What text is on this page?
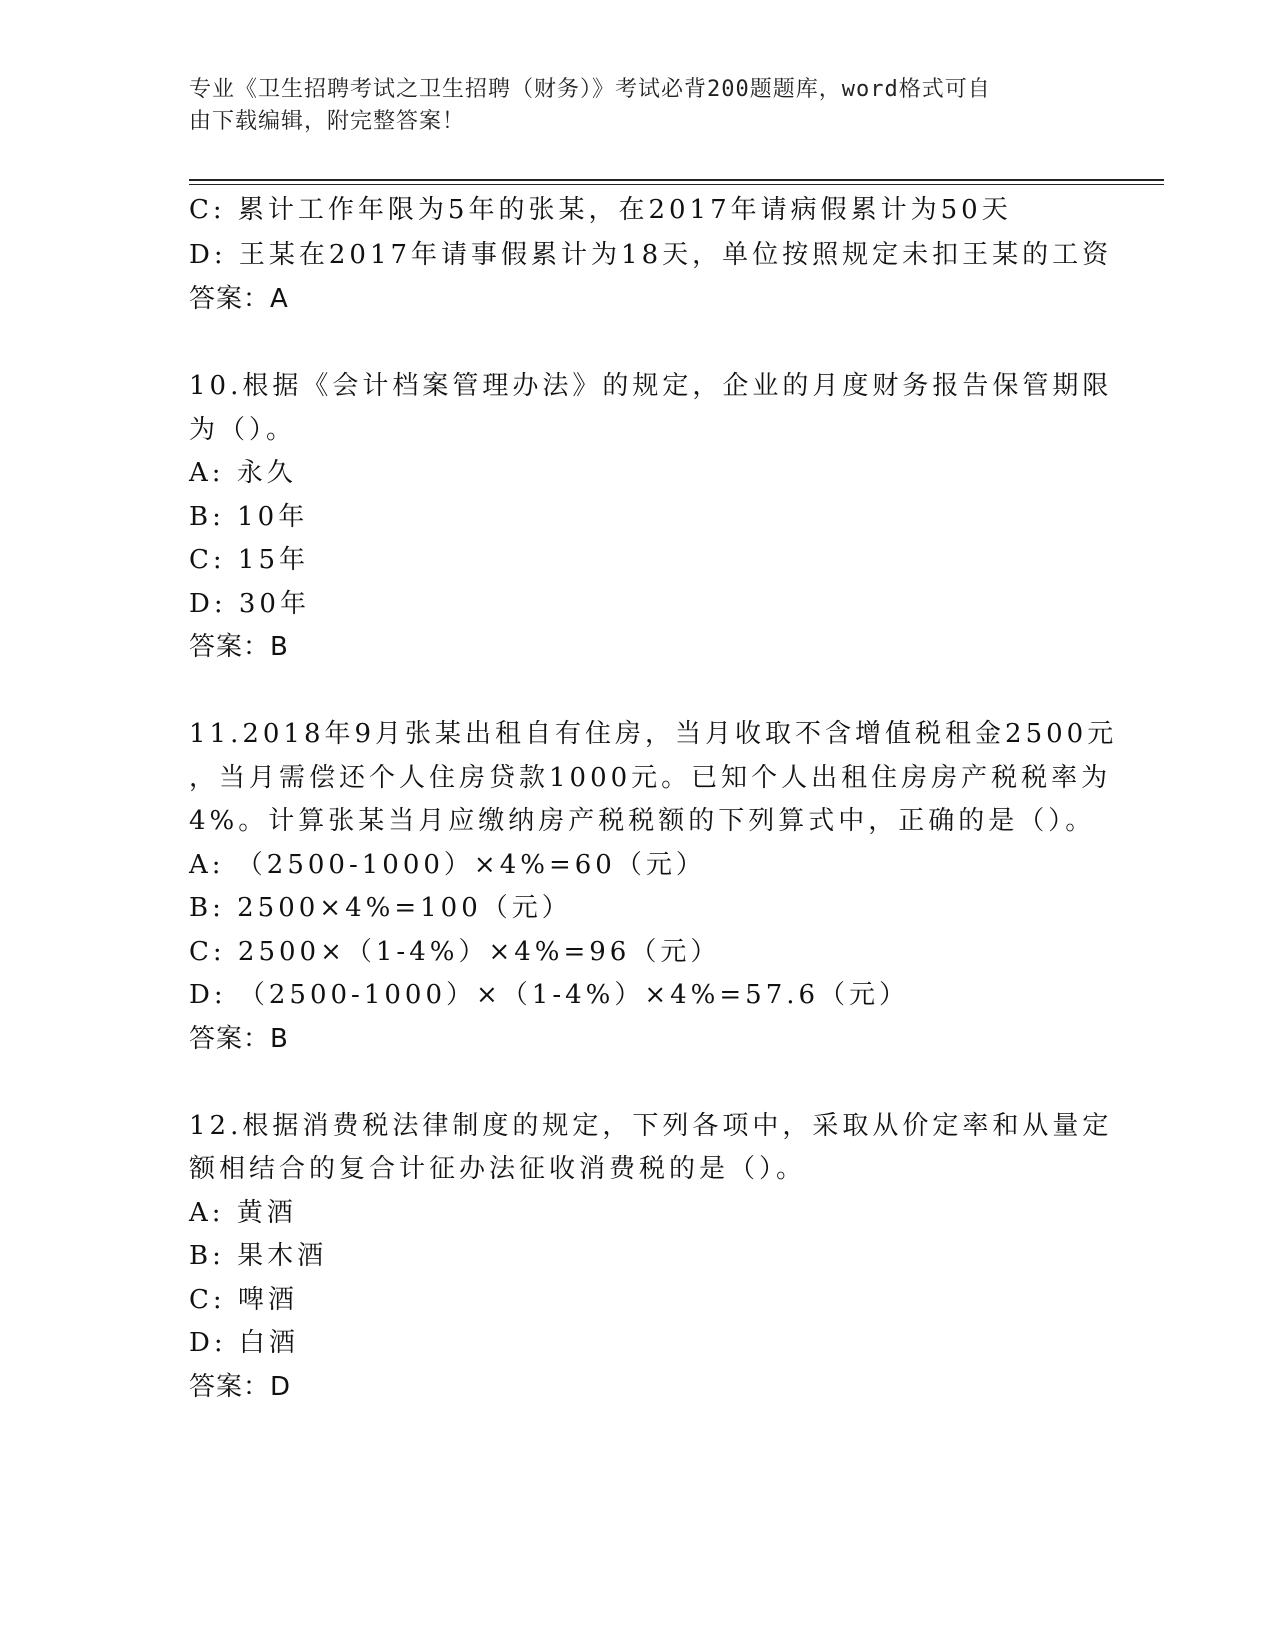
专业《卫生招聘考试之卫生招聘（财务）》考试必背200题题库，word格式可自
由下载编辑，附完整答案！
C: 累计工作年限为5年的张某，在2017年请病假累计为50天
D: 王某在2017年请事假累计为18天，单位按照规定未扣王某的工资
答案：A
10.根据《会计档案管理办法》的规定，企业的月度财务报告保管期限
为（）。
A: 永久
B: 10年
C: 15年
D: 30年
答案：B
11.2018年9月张某出租自有住房，当月收取不含增值税租金2500元
，当月需偿还个人住房贷款1000元。已知个人出租住房房产税税率为
4%。计算张某当月应缴纳房产税税额的下列算式中，正确的是（）。
A: （2500-1000）×4%=60（元）
B: 2500×4%=100（元）
C: 2500×（1-4%）×4%=96（元）
D: （2500-1000）×（1-4%）×4%=57.6（元）
答案：B
12.根据消费税法律制度的规定，下列各项中，采取从价定率和从量定
额相结合的复合计征办法征收消费税的是（）。
A: 黄酒
B: 果木酒
C: 啤酒
D: 白酒
答案：D
